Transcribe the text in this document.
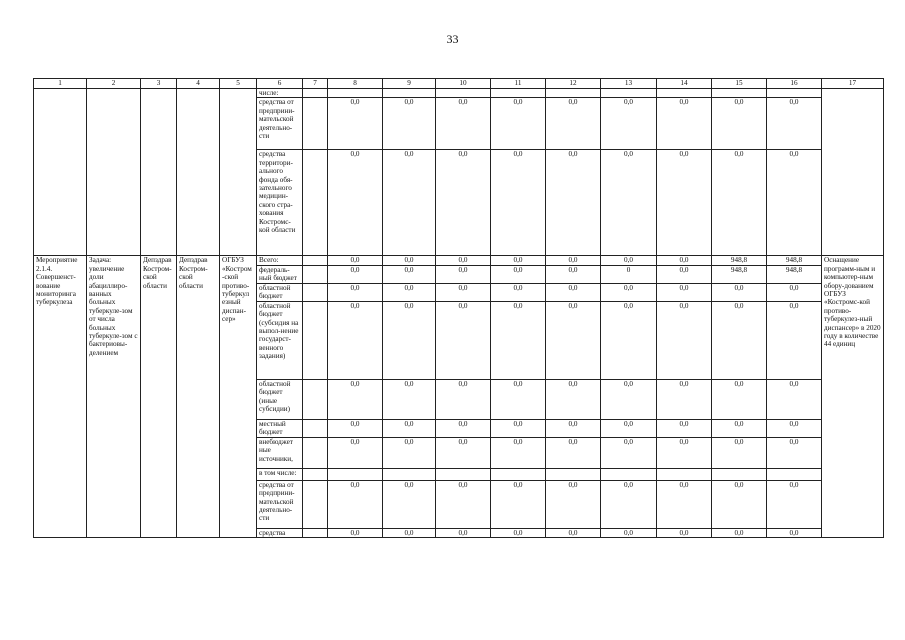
33
1	2	3	4	5	6	7	8	9	10	11	12	13	14	15	16	17
					числе:											
					средства от предприни-мательской деятельно-сти		0,0	0,0	0,0	0,0	0,0	0,0	0,0	0,0	0,0	
					средства территори-ального фонда обя-зательного медицин-ского стра-хования Костромс-кой области		0,0	0,0	0,0	0,0	0,0	0,0	0,0	0,0	0,0	
Мероприятие 2.1.4. Совершенст-вование мониторинга туберкулеза	Задача: увеличение доли абациллиро-ванных больных туберкуле-зом от числа больных туберкуле-зом с бактериовы-делением	Депздрав Костром-ской области	Депздрав Костром-ской области	ОГБУЗ «Костром-ской противо-туберкул езный диспан-сер»	Всего:		0,0	0,0	0,0	0,0	0,0	0,0	0,0	948,8	948,8	Оснащение программ-ным и компьютер-ным обору-дованием ОГБУЗ «Костромс-кой противо-туберкулез-ный диспансер» в 2020 году в количестве 44 единиц
					федераль-ный бюджет		0,0	0,0	0,0	0,0	0,0	0	0,0	948,8	948,8	
					областной бюджет		0,0	0,0	0,0	0,0	0,0	0,0	0,0	0,0	0,0	
					областной бюджет (субсидия на выпол-нение государст-венного задания)		0,0	0,0	0,0	0,0	0,0	0,0	0,0	0,0	0,0	
					областной бюджет (иные субсидии)		0,0	0,0	0,0	0,0	0,0	0,0	0,0	0,0	0,0	
					местный бюджет		0,0	0,0	0,0	0,0	0,0	0,0	0,0	0,0	0,0	
					внебюджет ные источники,		0,0	0,0	0,0	0,0	0,0	0,0	0,0	0,0	0,0	
					в том числе:											
					средства от предприни-мательской деятельно-сти		0,0	0,0	0,0	0,0	0,0	0,0	0,0	0,0	0,0	
					средства		0,0	0,0	0,0	0,0	0,0	0,0	0,0	0,0	0,0	
